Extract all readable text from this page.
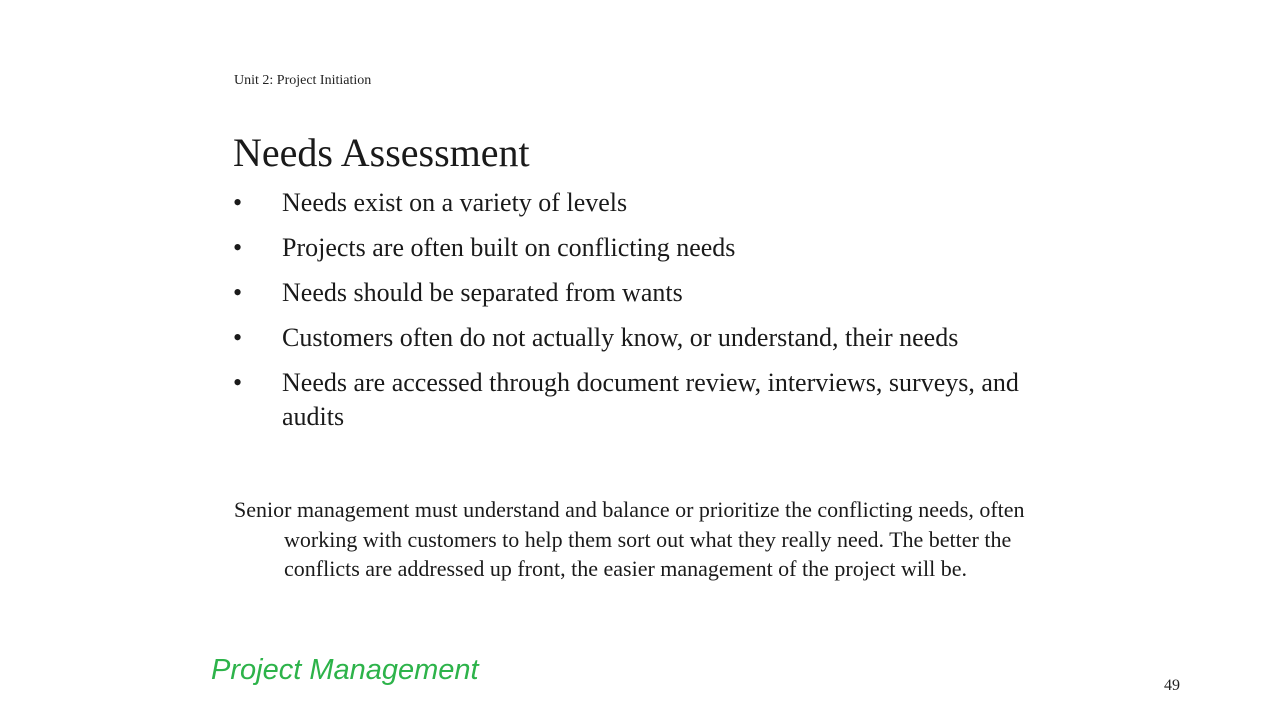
Unit 2: Project Initiation
Needs Assessment
• Needs exist on a variety of levels
• Projects are often built on conflicting needs
• Needs should be separated from wants
• Customers often do not actually know, or understand, their needs
• Needs are accessed through document review, interviews, surveys, and audits

Senior management must understand and balance or prioritize the conflicting needs, often working with customers to help them sort out what they really need. The better the conflicts are addressed up front, the easier management of the project will be.

Project Management	49
